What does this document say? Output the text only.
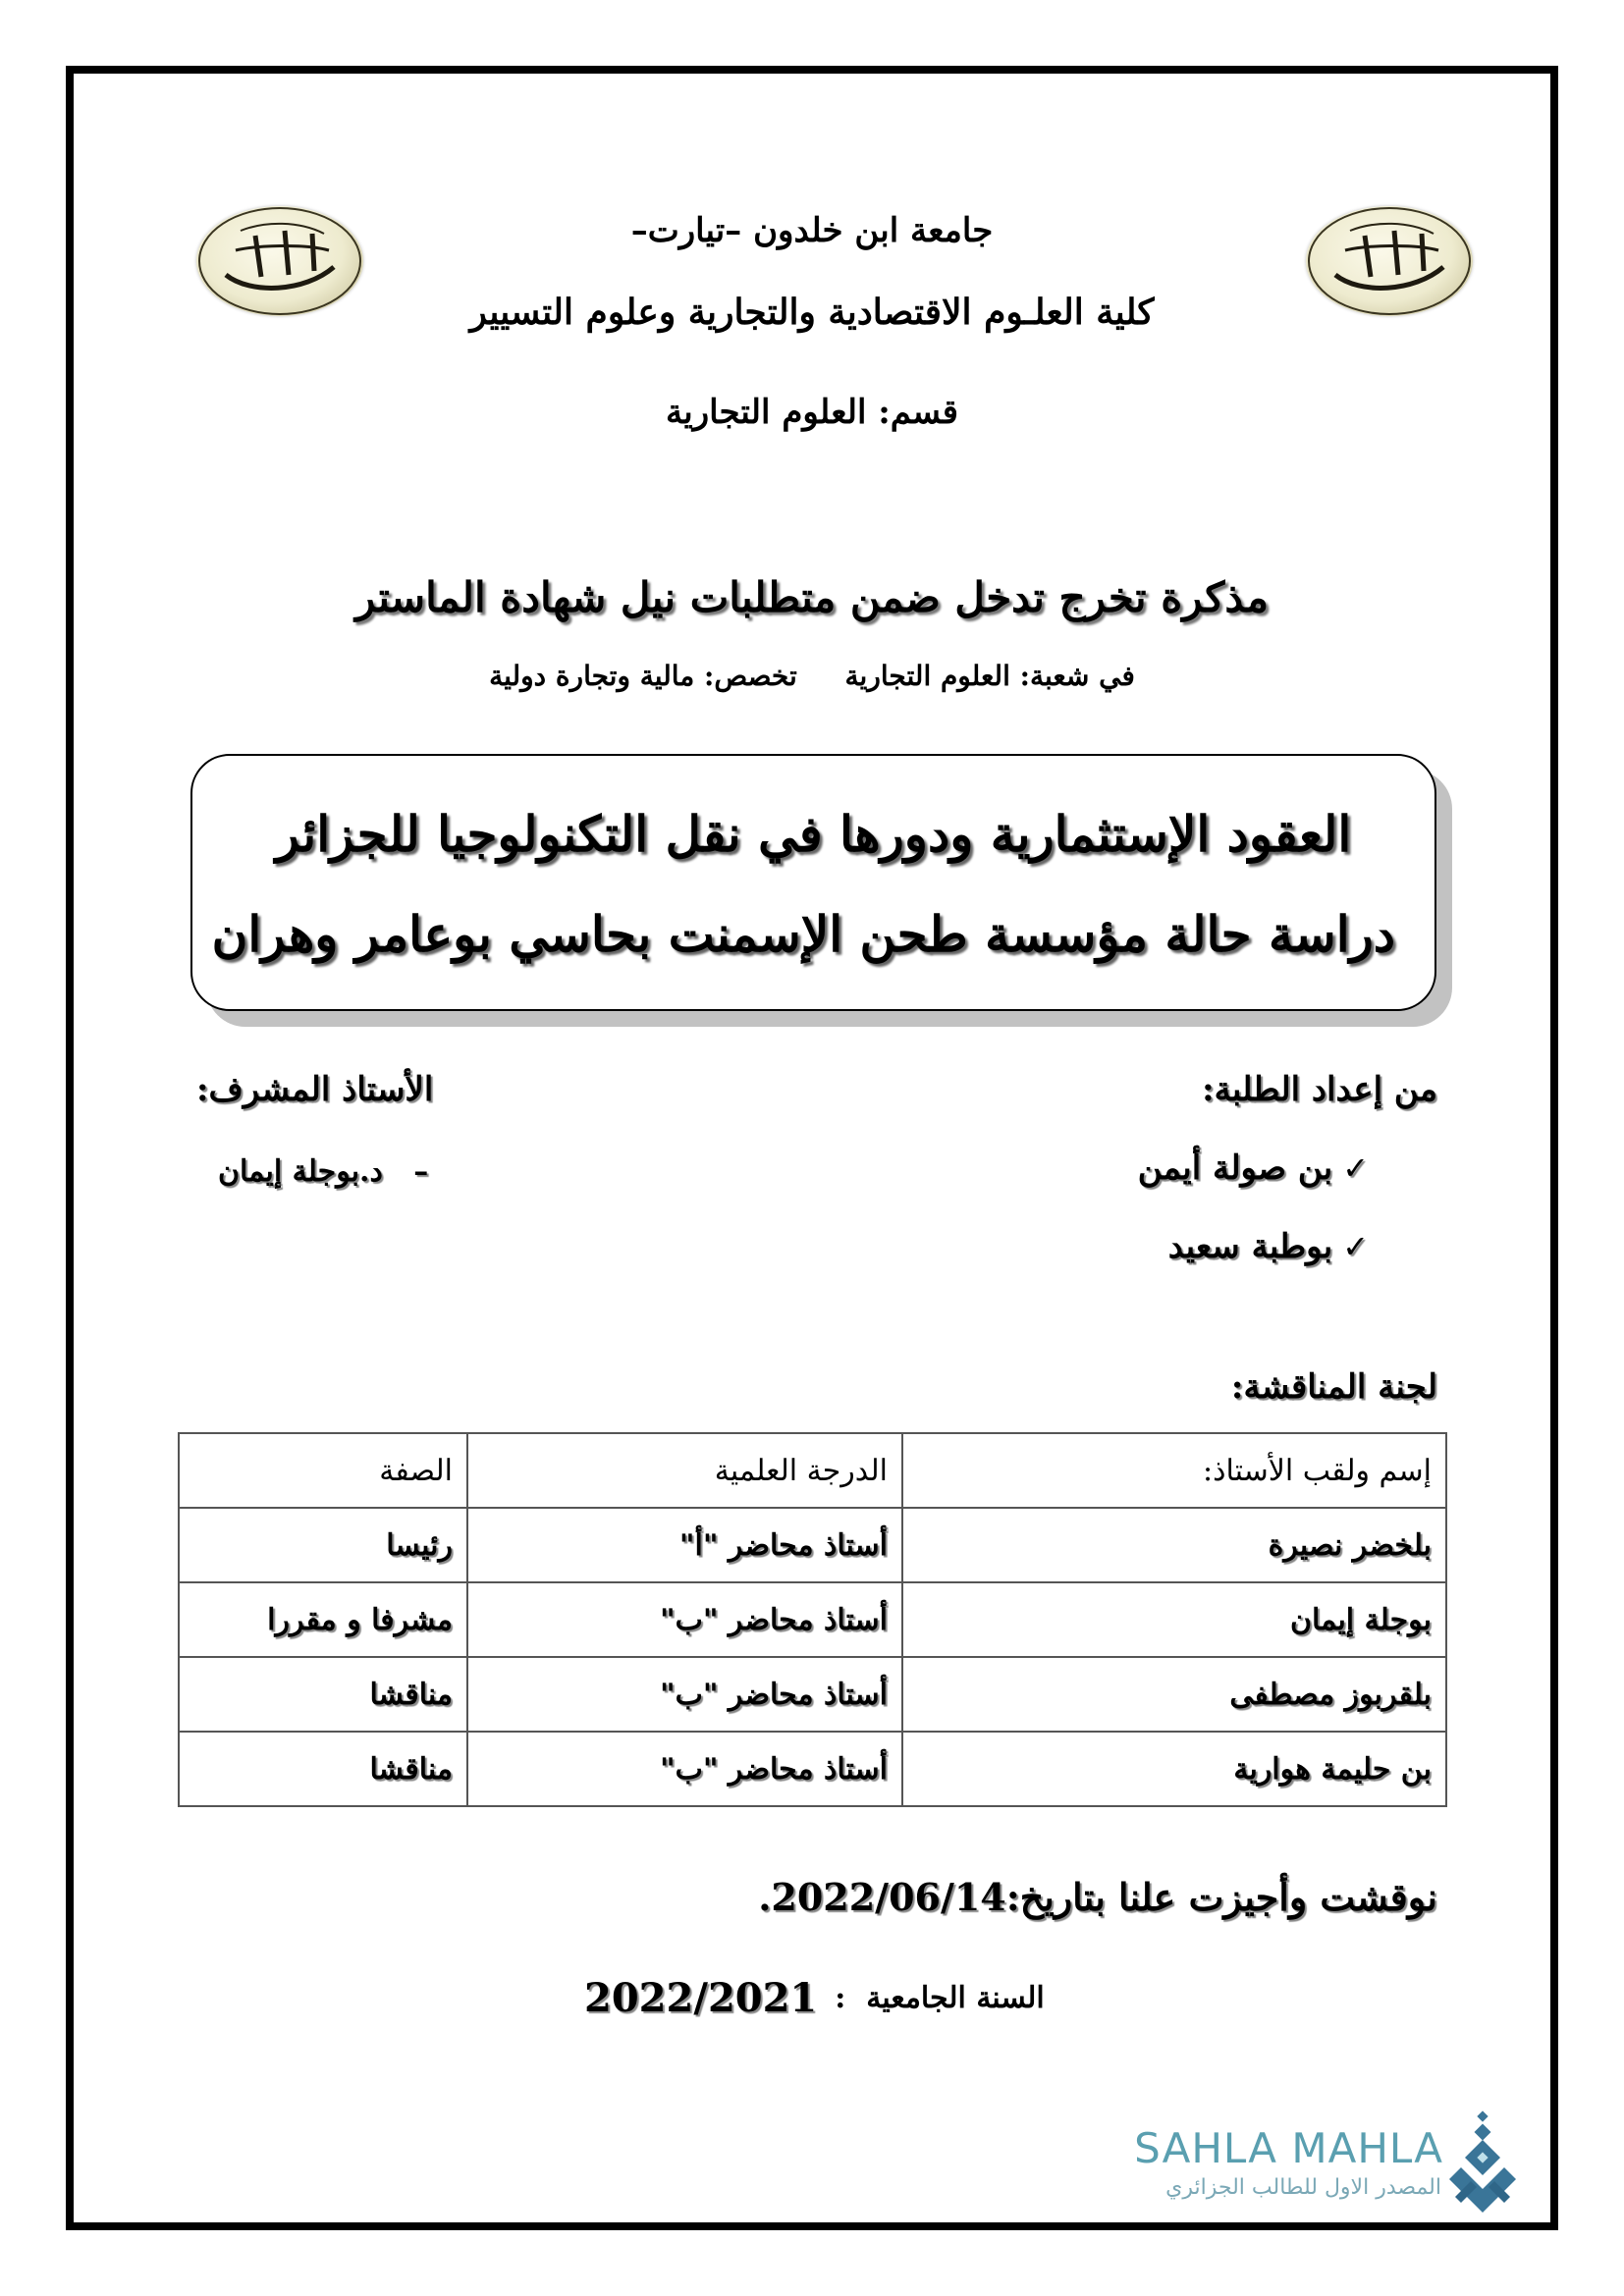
جامعة ابن خلدون –تيارت–
كلية العلـوم الاقتصادية والتجارية وعلوم التسيير
قسم: العلوم التجارية
مذكرة تخرج تدخل ضمن متطلبات نيل شهادة الماستر
في شعبة: العلوم التجارية     تخصص: مالية وتجارة دولية
العقود الإستثمارية ودورها في نقل التكنولوجيا للجزائر
دراسة حالة مؤسسة طحن الإسمنت بحاسي بوعامر وهران
من إعداد الطلبة:
✓
بن صولة أيمن
✓
بوطبة سعيد
الأستاذ المشرف:
–   د.بوجلة إيمان
لجنة المناقشة:
إسم ولقب الأستاذ:	الدرجة العلمية	الصفة
بلخضر نصيرة	أستاذ محاضر "أ"	رئيسا
بوجلة إيمان	أستاذ محاضر "ب"	مشرفا و مقررا
بلقربوز مصطفى	أستاذ محاضر "ب"	مناقشا
بن حليمة هوارية	أستاذ محاضر "ب"	مناقشا
نوقشت وأجيزت علنا بتاريخ:2022/06/14.
السنة الجامعية  :
2022/2021
SAHLA MAHLA
المصدر الاول للطالب الجزائري
